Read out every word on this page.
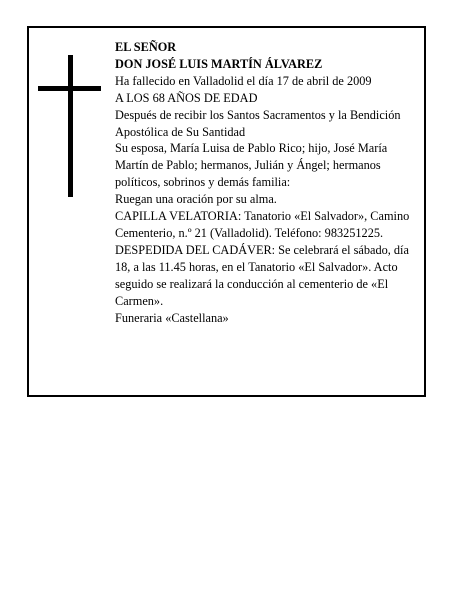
EL SEÑOR

DON JOSÉ LUIS MARTÍN ÁLVAREZ

Ha fallecido en Valladolid el día 17 de abril de 2009

A LOS 68 AÑOS DE EDAD

Después de recibir los Santos Sacramentos y la Bendición Apostólica de Su Santidad

Su esposa, María Luisa de Pablo Rico; hijo, José María Martín de Pablo; hermanos, Julián y Ángel; hermanos políticos, sobrinos y demás familia:

Ruegan una oración por su alma.

CAPILLA VELATORIA: Tanatorio «El Salvador», Camino Cementerio, n.º 21 (Valladolid). Teléfono: 983251225.

DESPEDIDA DEL CADÁVER: Se celebrará el sábado, día 18, a las 11.45 horas, en el Tanatorio «El Salvador». Acto seguido se realizará la conducción al cementerio de «El Carmen».

Funeraria «Castellana»
